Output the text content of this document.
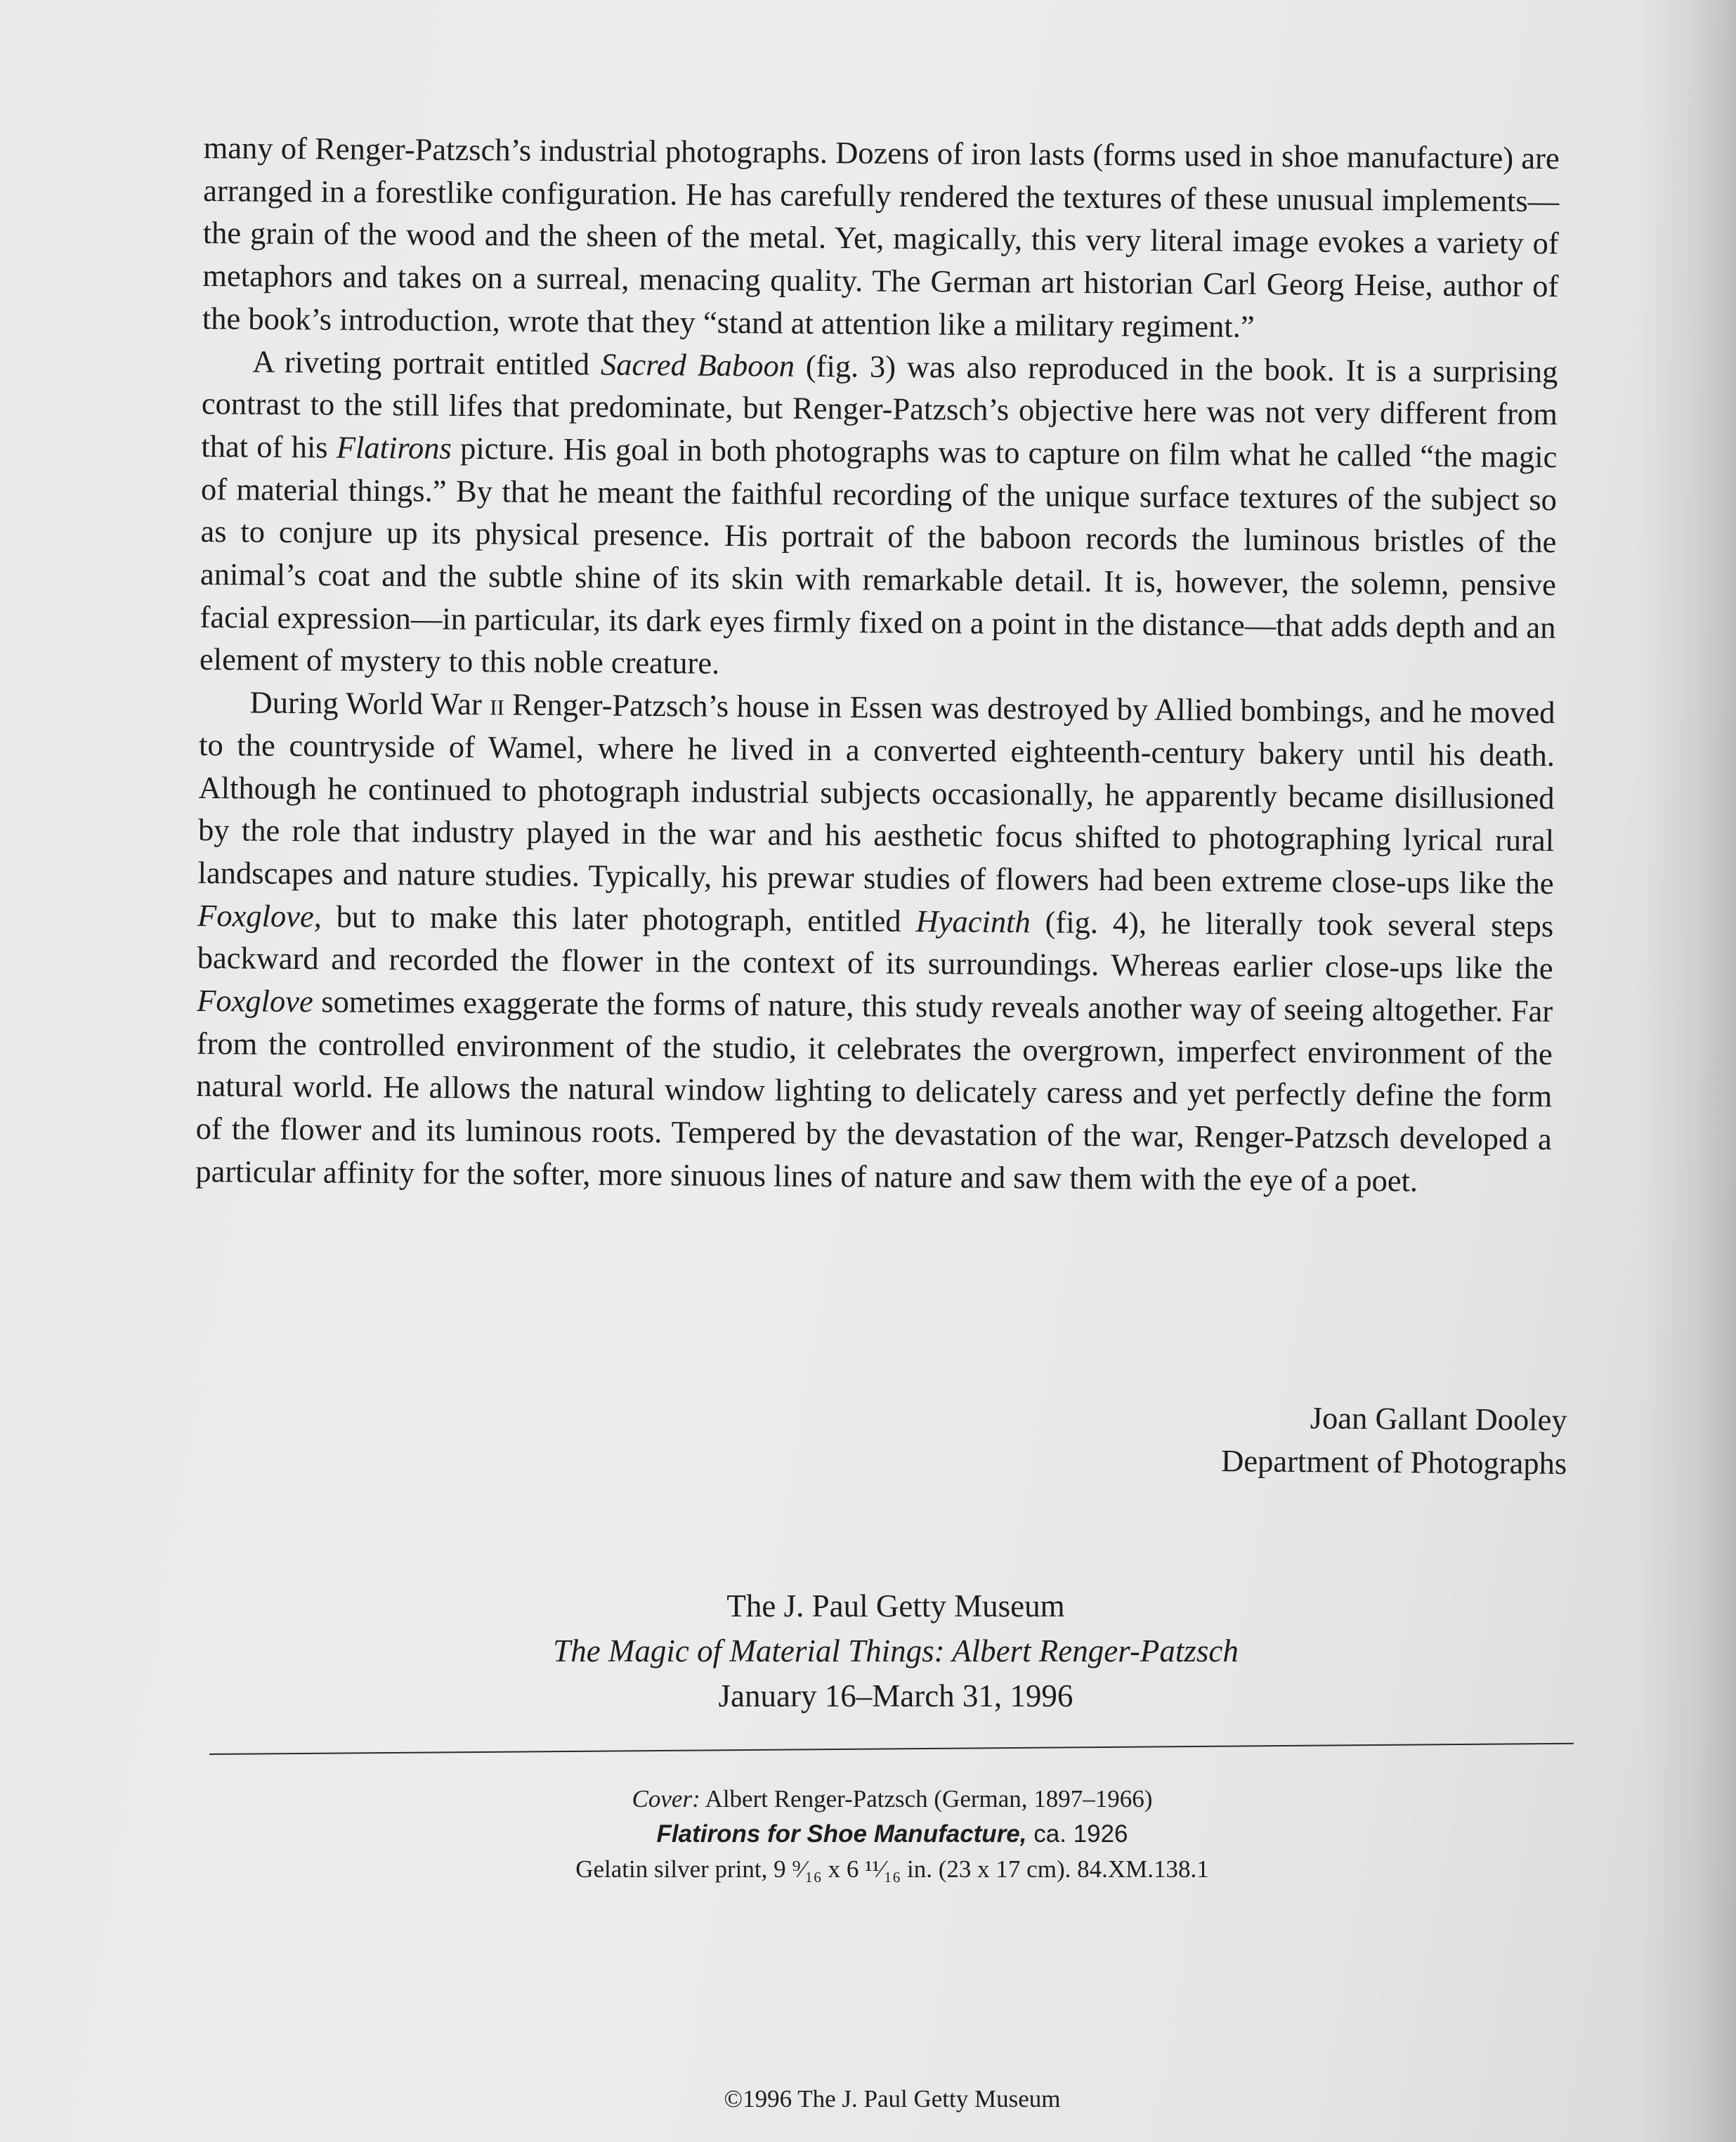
many of Renger-Patzsch’s industrial photographs. Dozens of iron lasts (forms used in shoe manufacture) are arranged in a forestlike configuration. He has carefully rendered the textures of these unusual implements—the grain of the wood and the sheen of the metal. Yet, magically, this very literal image evokes a variety of metaphors and takes on a surreal, menacing quality. The German art historian Carl Georg Heise, author of the book’s introduction, wrote that they “stand at attention like a military regiment.”

A riveting portrait entitled Sacred Baboon (fig. 3) was also reproduced in the book. It is a surprising contrast to the still lifes that predominate, but Renger-Patzsch’s objective here was not very different from that of his Flatirons picture. His goal in both photographs was to capture on film what he called “the magic of material things.” By that he meant the faithful recording of the unique surface textures of the subject so as to conjure up its physical presence. His portrait of the baboon records the luminous bristles of the animal’s coat and the subtle shine of its skin with remarkable detail. It is, however, the solemn, pensive facial expression—in particular, its dark eyes firmly fixed on a point in the distance—that adds depth and an element of mystery to this noble creature.

During World War ii Renger-Patzsch’s house in Essen was destroyed by Allied bombings, and he moved to the countryside of Wamel, where he lived in a converted eighteenth-century bakery until his death. Although he continued to photograph industrial subjects occasionally, he apparently became disillusioned by the role that industry played in the war and his aesthetic focus shifted to photographing lyrical rural landscapes and nature studies. Typically, his prewar studies of flowers had been extreme close-ups like the Foxglove, but to make this later photograph, entitled Hyacinth (fig. 4), he literally took several steps backward and recorded the flower in the context of its surroundings. Whereas earlier close-ups like the Foxglove sometimes exaggerate the forms of nature, this study reveals another way of seeing altogether. Far from the controlled environment of the studio, it celebrates the overgrown, imperfect environment of the natural world. He allows the natural window lighting to delicately caress and yet perfectly define the form of the flower and its luminous roots. Tempered by the devastation of the war, Renger-Patzsch developed a particular affinity for the softer, more sinuous lines of nature and saw them with the eye of a poet.

Joan Gallant Dooley
Department of Photographs
The J. Paul Getty Museum
The Magic of Material Things: Albert Renger-Patzsch
January 16–March 31, 1996
Cover: Albert Renger-Patzsch (German, 1897–1966)
Flatirons for Shoe Manufacture, ca. 1926
Gelatin silver print, 9 ⁹⁄₁₆ x 6 ¹¹⁄₁₆ in. (23 x 17 cm). 84.XM.138.1
©1996 The J. Paul Getty Museum
